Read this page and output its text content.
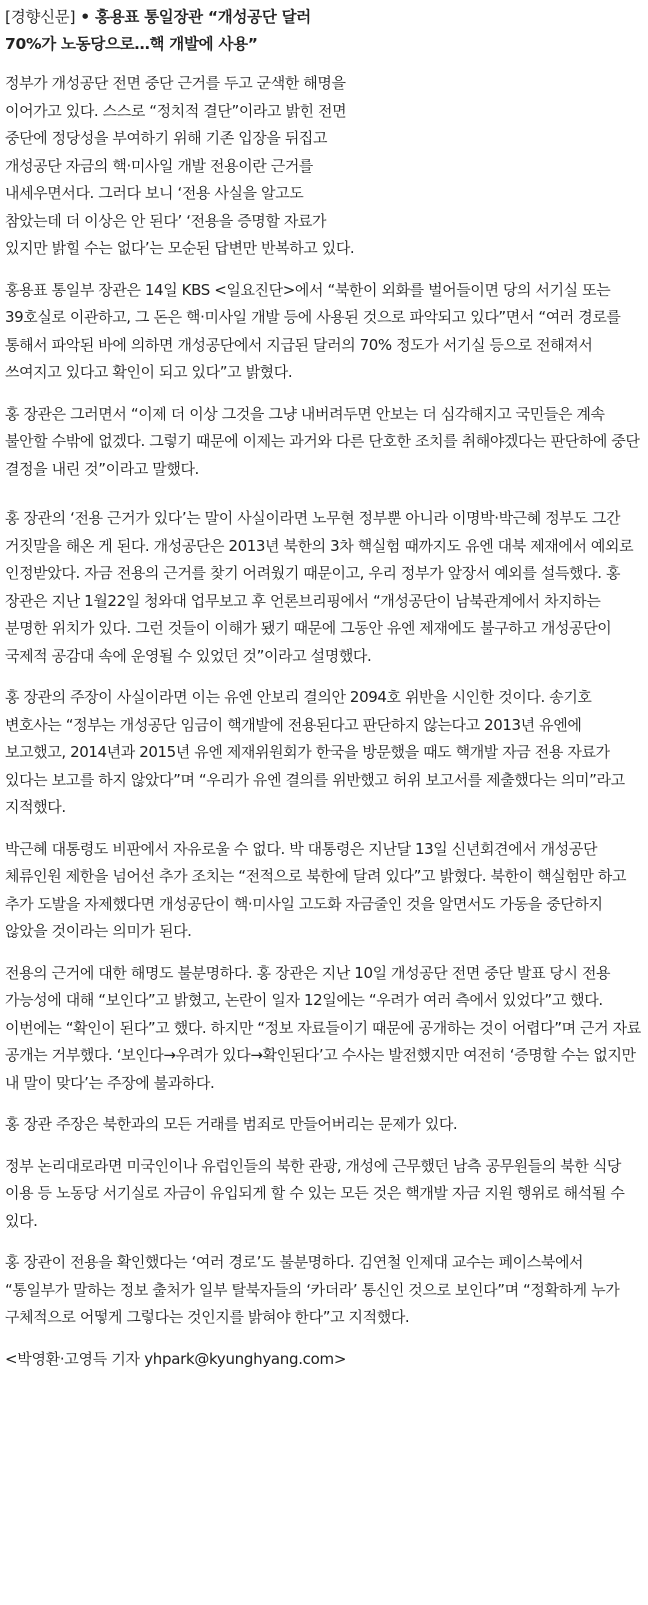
[경향신문] • 홍용표 통일장관 “개성공단 달러 70%가 노동당으로…핵 개발에 사용”

정부가 개성공단 전면 중단 근거를 두고 군색한 해명을 이어가고 있다. 스스로 “정치적 결단”이라고 밝힌 전면 중단에 정당성을 부여하기 위해 기존 입장을 뒤집고 개성공단 자금의 핵·미사일 개발 전용이란 근거를 내세우면서다. 그러다 보니 ‘전용 사실을 알고도 참았는데 더 이상은 안 된다’ ‘전용을 증명할 자료가 있지만 밝힐 수는 없다’는 모순된 답변만 반복하고 있다.

홍용표 통일부 장관은 14일 KBS <일요진단>에서 “북한이 외화를 벌어들이면 당의 서기실 또는 39호실로 이관하고, 그 돈은 핵·미사일 개발 등에 사용된 것으로 파악되고 있다”면서 “여러 경로를 통해서 파악된 바에 의하면 개성공단에서 지급된 달러의 70% 정도가 서기실 등으로 전해져서 쓰여지고 있다고 확인이 되고 있다”고 밝혔다.

홍 장관은 그러면서 “이제 더 이상 그것을 그냥 내버려두면 안보는 더 심각해지고 국민들은 계속 불안할 수밖에 없겠다. 그렇기 때문에 이제는 과거와 다른 단호한 조치를 취해야겠다는 판단하에 중단 결정을 내린 것”이라고 말했다.

홍 장관의 ‘전용 근거가 있다’는 말이 사실이라면 노무현 정부뿐 아니라 이명박·박근혜 정부도 그간 거짓말을 해온 게 된다. 개성공단은 2013년 북한의 3차 핵실험 때까지도 유엔 대북 제재에서 예외로 인정받았다. 자금 전용의 근거를 찾기 어려웠기 때문이고, 우리 정부가 앞장서 예외를 설득했다. 홍 장관은 지난 1월22일 청와대 업무보고 후 언론브리핑에서 “개성공단이 남북관계에서 차지하는 분명한 위치가 있다. 그런 것들이 이해가 됐기 때문에 그동안 유엔 제재에도 불구하고 개성공단이 국제적 공감대 속에 운영될 수 있었던 것”이라고 설명했다.

홍 장관의 주장이 사실이라면 이는 유엔 안보리 결의안 2094호 위반을 시인한 것이다. 송기호 변호사는 “정부는 개성공단 임금이 핵개발에 전용된다고 판단하지 않는다고 2013년 유엔에 보고했고, 2014년과 2015년 유엔 제재위원회가 한국을 방문했을 때도 핵개발 자금 전용 자료가 있다는 보고를 하지 않았다”며 “우리가 유엔 결의를 위반했고 허위 보고서를 제출했다는 의미”라고 지적했다.

박근혜 대통령도 비판에서 자유로울 수 없다. 박 대통령은 지난달 13일 신년회견에서 개성공단 체류인원 제한을 넘어선 추가 조치는 “전적으로 북한에 달려 있다”고 밝혔다. 북한이 핵실험만 하고 추가 도발을 자제했다면 개성공단이 핵·미사일 고도화 자금줄인 것을 알면서도 가동을 중단하지 않았을 것이라는 의미가 된다.

전용의 근거에 대한 해명도 불분명하다. 홍 장관은 지난 10일 개성공단 전면 중단 발표 당시 전용 가능성에 대해 “보인다”고 밝혔고, 논란이 일자 12일에는 “우려가 여러 측에서 있었다”고 했다. 이번에는 “확인이 된다”고 했다. 하지만 “정보 자료들이기 때문에 공개하는 것이 어렵다”며 근거 자료 공개는 거부했다. ‘보인다→우려가 있다→확인된다’고 수사는 발전했지만 여전히 ‘증명할 수는 없지만 내 말이 맞다’는 주장에 불과하다.

홍 장관 주장은 북한과의 모든 거래를 범죄로 만들어버리는 문제가 있다.

정부 논리대로라면 미국인이나 유럽인들의 북한 관광, 개성에 근무했던 남측 공무원들의 북한 식당 이용 등 노동당 서기실로 자금이 유입되게 할 수 있는 모든 것은 핵개발 자금 지원 행위로 해석될 수 있다.

홍 장관이 전용을 확인했다는 ‘여러 경로’도 불분명하다. 김연철 인제대 교수는 페이스북에서 “통일부가 말하는 정보 출처가 일부 탈북자들의 ‘카더라’ 통신인 것으로 보인다”며 “정확하게 누가 구체적으로 어떻게 그렇다는 것인지를 밝혀야 한다”고 지적했다.

<박영환·고영득 기자 yhpark@kyunghyang.com>
